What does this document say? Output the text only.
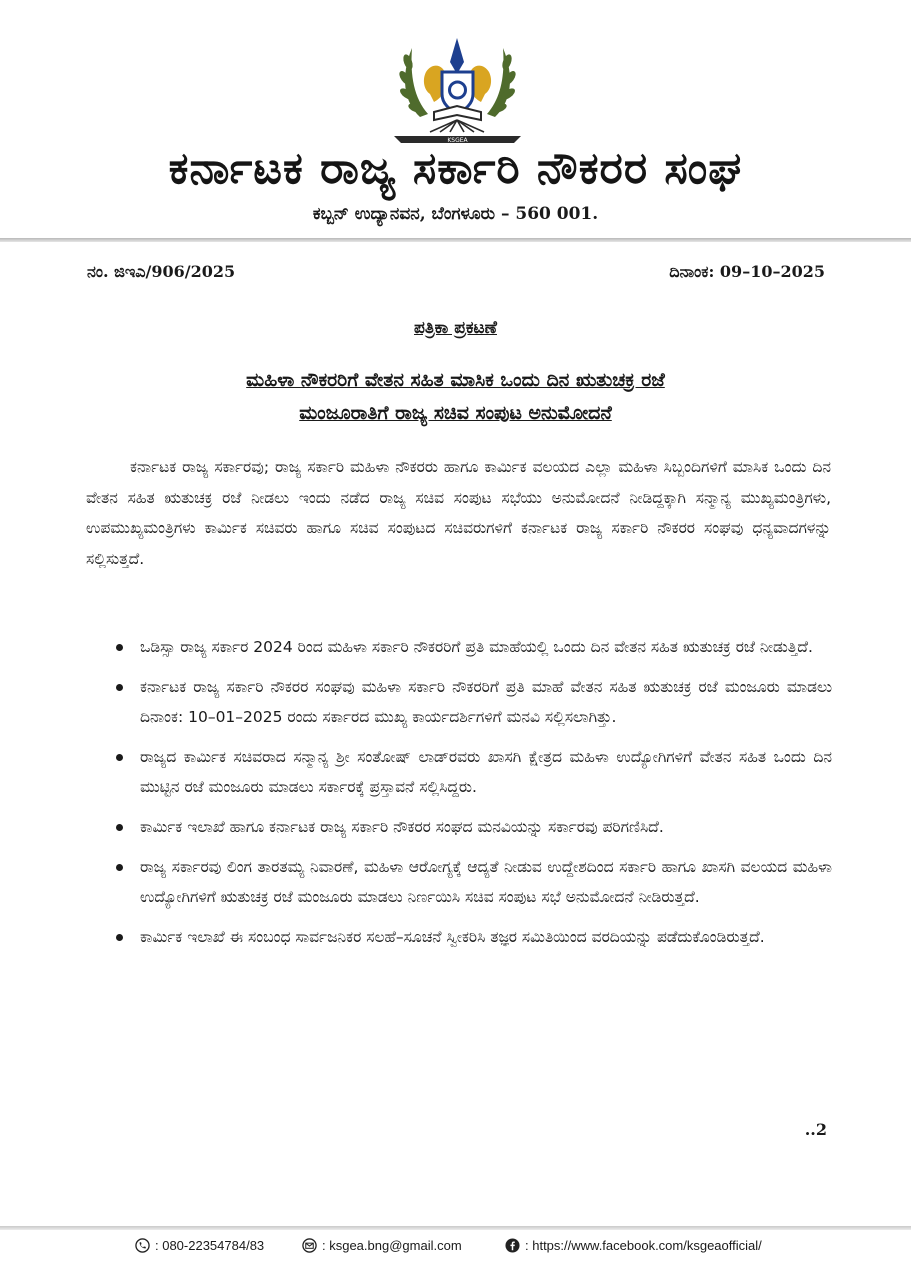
KSGEA
ಕರ್ನಾಟಕ ರಾಜ್ಯ ಸರ್ಕಾರಿ ನೌಕರರ ಸಂಘ
ಕಬ್ಬನ್ ಉದ್ಯಾನವನ, ಬೆಂಗಳೂರು – 560 001.
ನಂ. ಜಿಇಎ/906/2025	ದಿನಾಂಕ: 09–10–2025
ಪತ್ರಿಕಾ ಪ್ರಕಟಣೆ
ಮಹಿಳಾ ನೌಕರರಿಗೆ ವೇತನ ಸಹಿತ ಮಾಸಿಕ ಒಂದು ದಿನ ಋತುಚಕ್ರ ರಜೆ
ಮಂಜೂರಾತಿಗೆ ರಾಜ್ಯ ಸಚಿವ ಸಂಪುಟ ಅನುಮೋದನೆ
ಕರ್ನಾಟಕ ರಾಜ್ಯ ಸರ್ಕಾರವು; ರಾಜ್ಯ ಸರ್ಕಾರಿ ಮಹಿಳಾ ನೌಕರರು ಹಾಗೂ ಕಾರ್ಮಿಕ ವಲಯದ ಎಲ್ಲಾ ಮಹಿಳಾ ಸಿಬ್ಬಂದಿಗಳಿಗೆ ಮಾಸಿಕ ಒಂದು ದಿನ ವೇತನ ಸಹಿತ ಋತುಚಕ್ರ ರಜೆ ನೀಡಲು ಇಂದು ನಡೆದ ರಾಜ್ಯ ಸಚಿವ ಸಂಪುಟ ಸಭೆಯು ಅನುಮೋದನೆ ನೀಡಿದ್ದಕ್ಕಾಗಿ ಸನ್ಮಾನ್ಯ ಮುಖ್ಯಮಂತ್ರಿಗಳು, ಉಪಮುಖ್ಯಮಂತ್ರಿಗಳು ಕಾರ್ಮಿಕ ಸಚಿವರು ಹಾಗೂ ಸಚಿವ ಸಂಪುಟದ ಸಚಿವರುಗಳಿಗೆ ಕರ್ನಾಟಕ ರಾಜ್ಯ ಸರ್ಕಾರಿ ನೌಕರರ ಸಂಘವು ಧನ್ಯವಾದಗಳನ್ನು ಸಲ್ಲಿಸುತ್ತದೆ.
ಒಡಿಸ್ಸಾ ರಾಜ್ಯ ಸರ್ಕಾರ 2024 ರಿಂದ ಮಹಿಳಾ ಸರ್ಕಾರಿ ನೌಕರರಿಗೆ ಪ್ರತಿ ಮಾಹೆಯಲ್ಲಿ ಒಂದು ದಿನ ವೇತನ ಸಹಿತ ಋತುಚಕ್ರ ರಜೆ ನೀಡುತ್ತಿದೆ.
ಕರ್ನಾಟಕ ರಾಜ್ಯ ಸರ್ಕಾರಿ ನೌಕರರ ಸಂಘವು ಮಹಿಳಾ ಸರ್ಕಾರಿ ನೌಕರರಿಗೆ ಪ್ರತಿ ಮಾಹೆ ವೇತನ ಸಹಿತ ಋತುಚಕ್ರ ರಜೆ ಮಂಜೂರು ಮಾಡಲು ದಿನಾಂಕ: 10–01–2025 ರಂದು ಸರ್ಕಾರದ ಮುಖ್ಯ ಕಾರ್ಯದರ್ಶಿಗಳಿಗೆ ಮನವಿ ಸಲ್ಲಿಸಲಾಗಿತ್ತು.
ರಾಜ್ಯದ ಕಾರ್ಮಿಕ ಸಚಿವರಾದ ಸನ್ಮಾನ್ಯ ಶ್ರೀ ಸಂತೋಷ್ ಲಾಡ್‌ರವರು ಖಾಸಗಿ ಕ್ಷೇತ್ರದ ಮಹಿಳಾ ಉದ್ಯೋಗಿಗಳಿಗೆ ವೇತನ ಸಹಿತ ಒಂದು ದಿನ ಮುಟ್ಟಿನ ರಜೆ ಮಂಜೂರು ಮಾಡಲು ಸರ್ಕಾರಕ್ಕೆ ಪ್ರಸ್ತಾವನೆ ಸಲ್ಲಿಸಿದ್ದರು.
ಕಾರ್ಮಿಕ ಇಲಾಖೆ ಹಾಗೂ ಕರ್ನಾಟಕ ರಾಜ್ಯ ಸರ್ಕಾರಿ ನೌಕರರ ಸಂಘದ ಮನವಿಯನ್ನು ಸರ್ಕಾರವು ಪರಿಗಣಿಸಿದೆ.
ರಾಜ್ಯ ಸರ್ಕಾರವು ಲಿಂಗ ತಾರತಮ್ಯ ನಿವಾರಣೆ, ಮಹಿಳಾ ಆರೋಗ್ಯಕ್ಕೆ ಆದ್ಯತೆ ನೀಡುವ ಉದ್ದೇಶದಿಂದ ಸರ್ಕಾರಿ ಹಾಗೂ ಖಾಸಗಿ ವಲಯದ ಮಹಿಳಾ ಉದ್ಯೋಗಿಗಳಿಗೆ ಋತುಚಕ್ರ ರಜೆ ಮಂಜೂರು ಮಾಡಲು ನಿರ್ಣಯಿಸಿ ಸಚಿವ ಸಂಪುಟ ಸಭೆ ಅನುಮೋದನೆ ನೀಡಿರುತ್ತದೆ.
ಕಾರ್ಮಿಕ ಇಲಾಖೆ ಈ ಸಂಬಂಧ ಸಾರ್ವಜನಿಕರ ಸಲಹೆ–ಸೂಚನೆ ಸ್ವೀಕರಿಸಿ ತಜ್ಞರ ಸಮಿತಿಯಿಂದ ವರದಿಯನ್ನು ಪಡೆದುಕೊಂಡಿರುತ್ತದೆ.
..2
: 080-22354784/83	: ksgea.bng@gmail.com	: https://www.facebook.com/ksgeaofficial/
